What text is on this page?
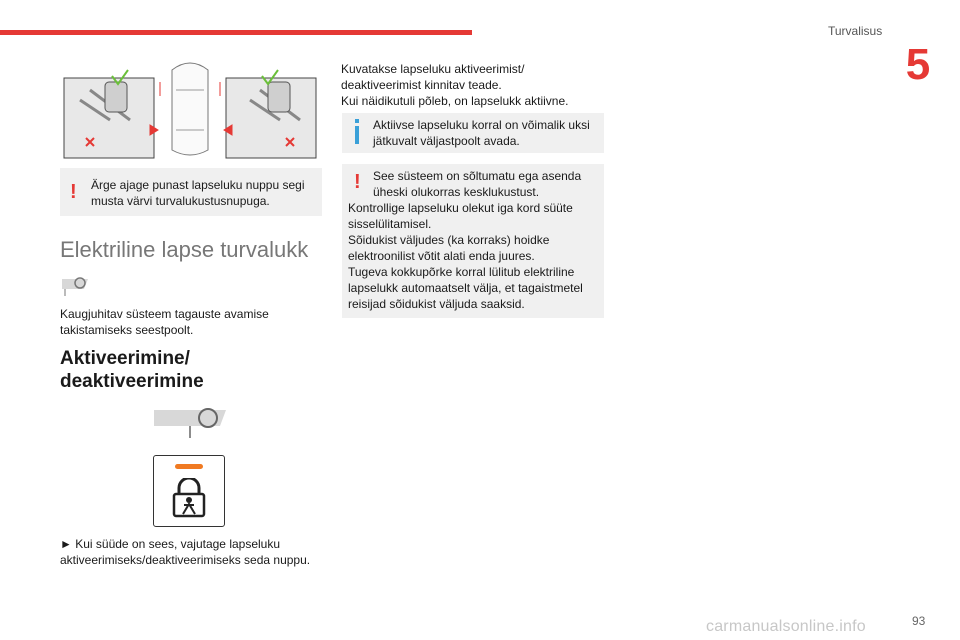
Turvalisus
5
! Ärge ajage punast lapseluku nuppu segi
musta värvi turvalukustusnupuga.
Elektriline lapse turvalukk
Kaugjuhitav süsteem tagauste avamise
takistamiseks seestpoolt.
Aktiveerimine/
deaktiveerimine
► Kui süüde on sees, vajutage lapseluku
aktiveerimiseks/deaktiveerimiseks seda nuppu.
Kuvatakse lapseluku aktiveerimist/
deaktiveerimist kinnitav teade.
Kui näidikutuli põleb, on lapselukk aktiivne.
Aktiivse lapseluku korral on võimalik uksi
jätkuvalt väljastpoolt avada.
! See süsteem on sõltumatu ega asenda
üheski olukorras kesklukustust.
Kontrollige lapseluku olekut iga kord süüte
sisselülitamisel.
Sõidukist väljudes (ka korraks) hoidke
elektroonilist võtit alati enda juures.
Tugeva kokkupõrke korral lülitub elektriline
lapselukk automaatselt välja, et tagaistmetel
reisijad sõidukist väljuda saaksid.
carmanualsonline.info	93
